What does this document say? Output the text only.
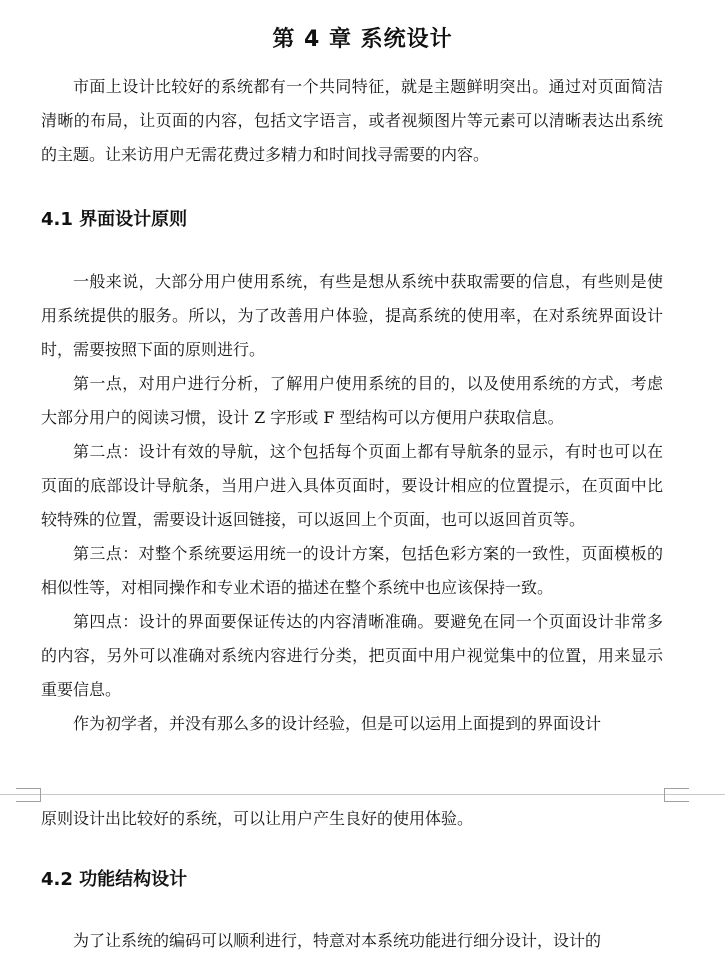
第 4 章 系统设计

市面上设计比较好的系统都有一个共同特征，就是主题鲜明突出。通过对页面简洁清晰的布局，让页面的内容，包括文字语言，或者视频图片等元素可以清晰表达出系统的主题。让来访用户无需花费过多精力和时间找寻需要的内容。

4.1 界面设计原则

一般来说，大部分用户使用系统，有些是想从系统中获取需要的信息，有些则是使用系统提供的服务。所以，为了改善用户体验，提高系统的使用率，在对系统界面设计时，需要按照下面的原则进行。

第一点，对用户进行分析，了解用户使用系统的目的，以及使用系统的方式，考虑大部分用户的阅读习惯，设计 Z 字形或 F 型结构可以方便用户获取信息。

第二点：设计有效的导航，这个包括每个页面上都有导航条的显示，有时也可以在页面的底部设计导航条，当用户进入具体页面时，要设计相应的位置提示，在页面中比较特殊的位置，需要设计返回链接，可以返回上个页面，也可以返回首页等。

第三点：对整个系统要运用统一的设计方案，包括色彩方案的一致性，页面模板的相似性等，对相同操作和专业术语的描述在整个系统中也应该保持一致。

第四点：设计的界面要保证传达的内容清晰准确。要避免在同一个页面设计非常多的内容，另外可以准确对系统内容进行分类，把页面中用户视觉集中的位置，用来显示重要信息。

作为初学者，并没有那么多的设计经验，但是可以运用上面提到的界面设计

原则设计出比较好的系统，可以让用户产生良好的使用体验。

4.2 功能结构设计

为了让系统的编码可以顺利进行，特意对本系统功能进行细分设计，设计的
